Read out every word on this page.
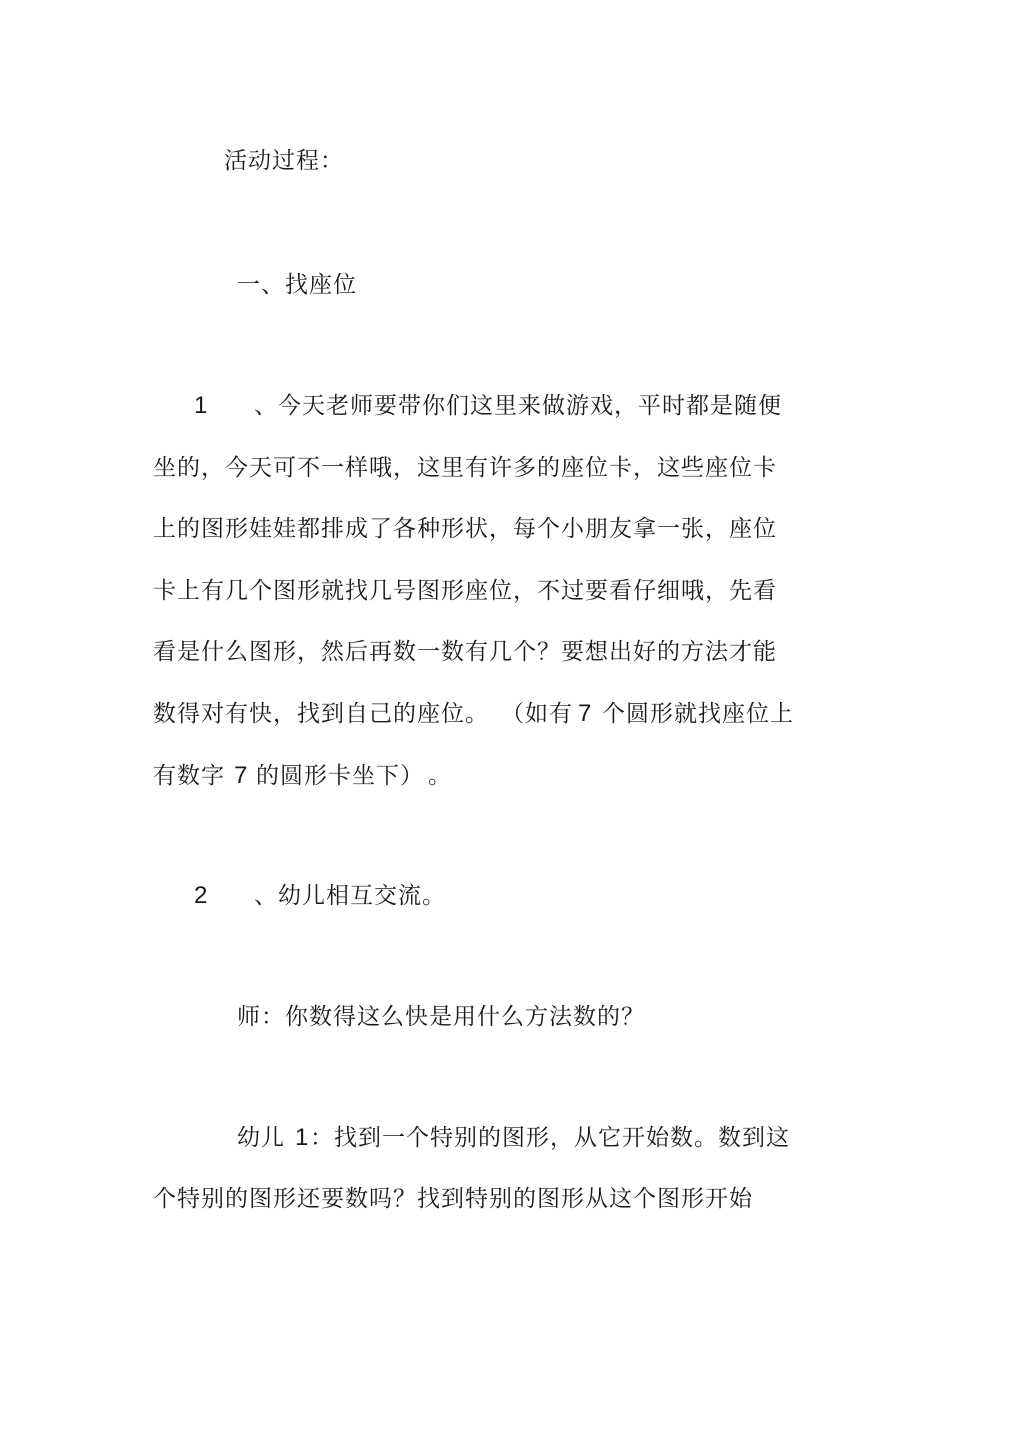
活动过程：
一、找座位
1 、今天老师要带你们这里来做游戏，平时都是随便
坐的，今天可不一样哦，这里有许多的座位卡，这些座位卡
上的图形娃娃都排成了各种形状，每个小朋友拿一张，座位
卡上有几个图形就找几号图形座位，不过要看仔细哦，先看
看是什么图形，然后再数一数有几个？要想出好的方法才能
数得对有快，找到自己的座位。 （如有 7 个圆形就找座位上
有数字 7 的圆形卡坐下） 。
2 、幼儿相互交流。
师：你数得这么快是用什么方法数的？
幼儿 1 ：找到一个特别的图形，从它开始数。数到这
个特别的图形还要数吗？找到特别的图形从这个图形开始
